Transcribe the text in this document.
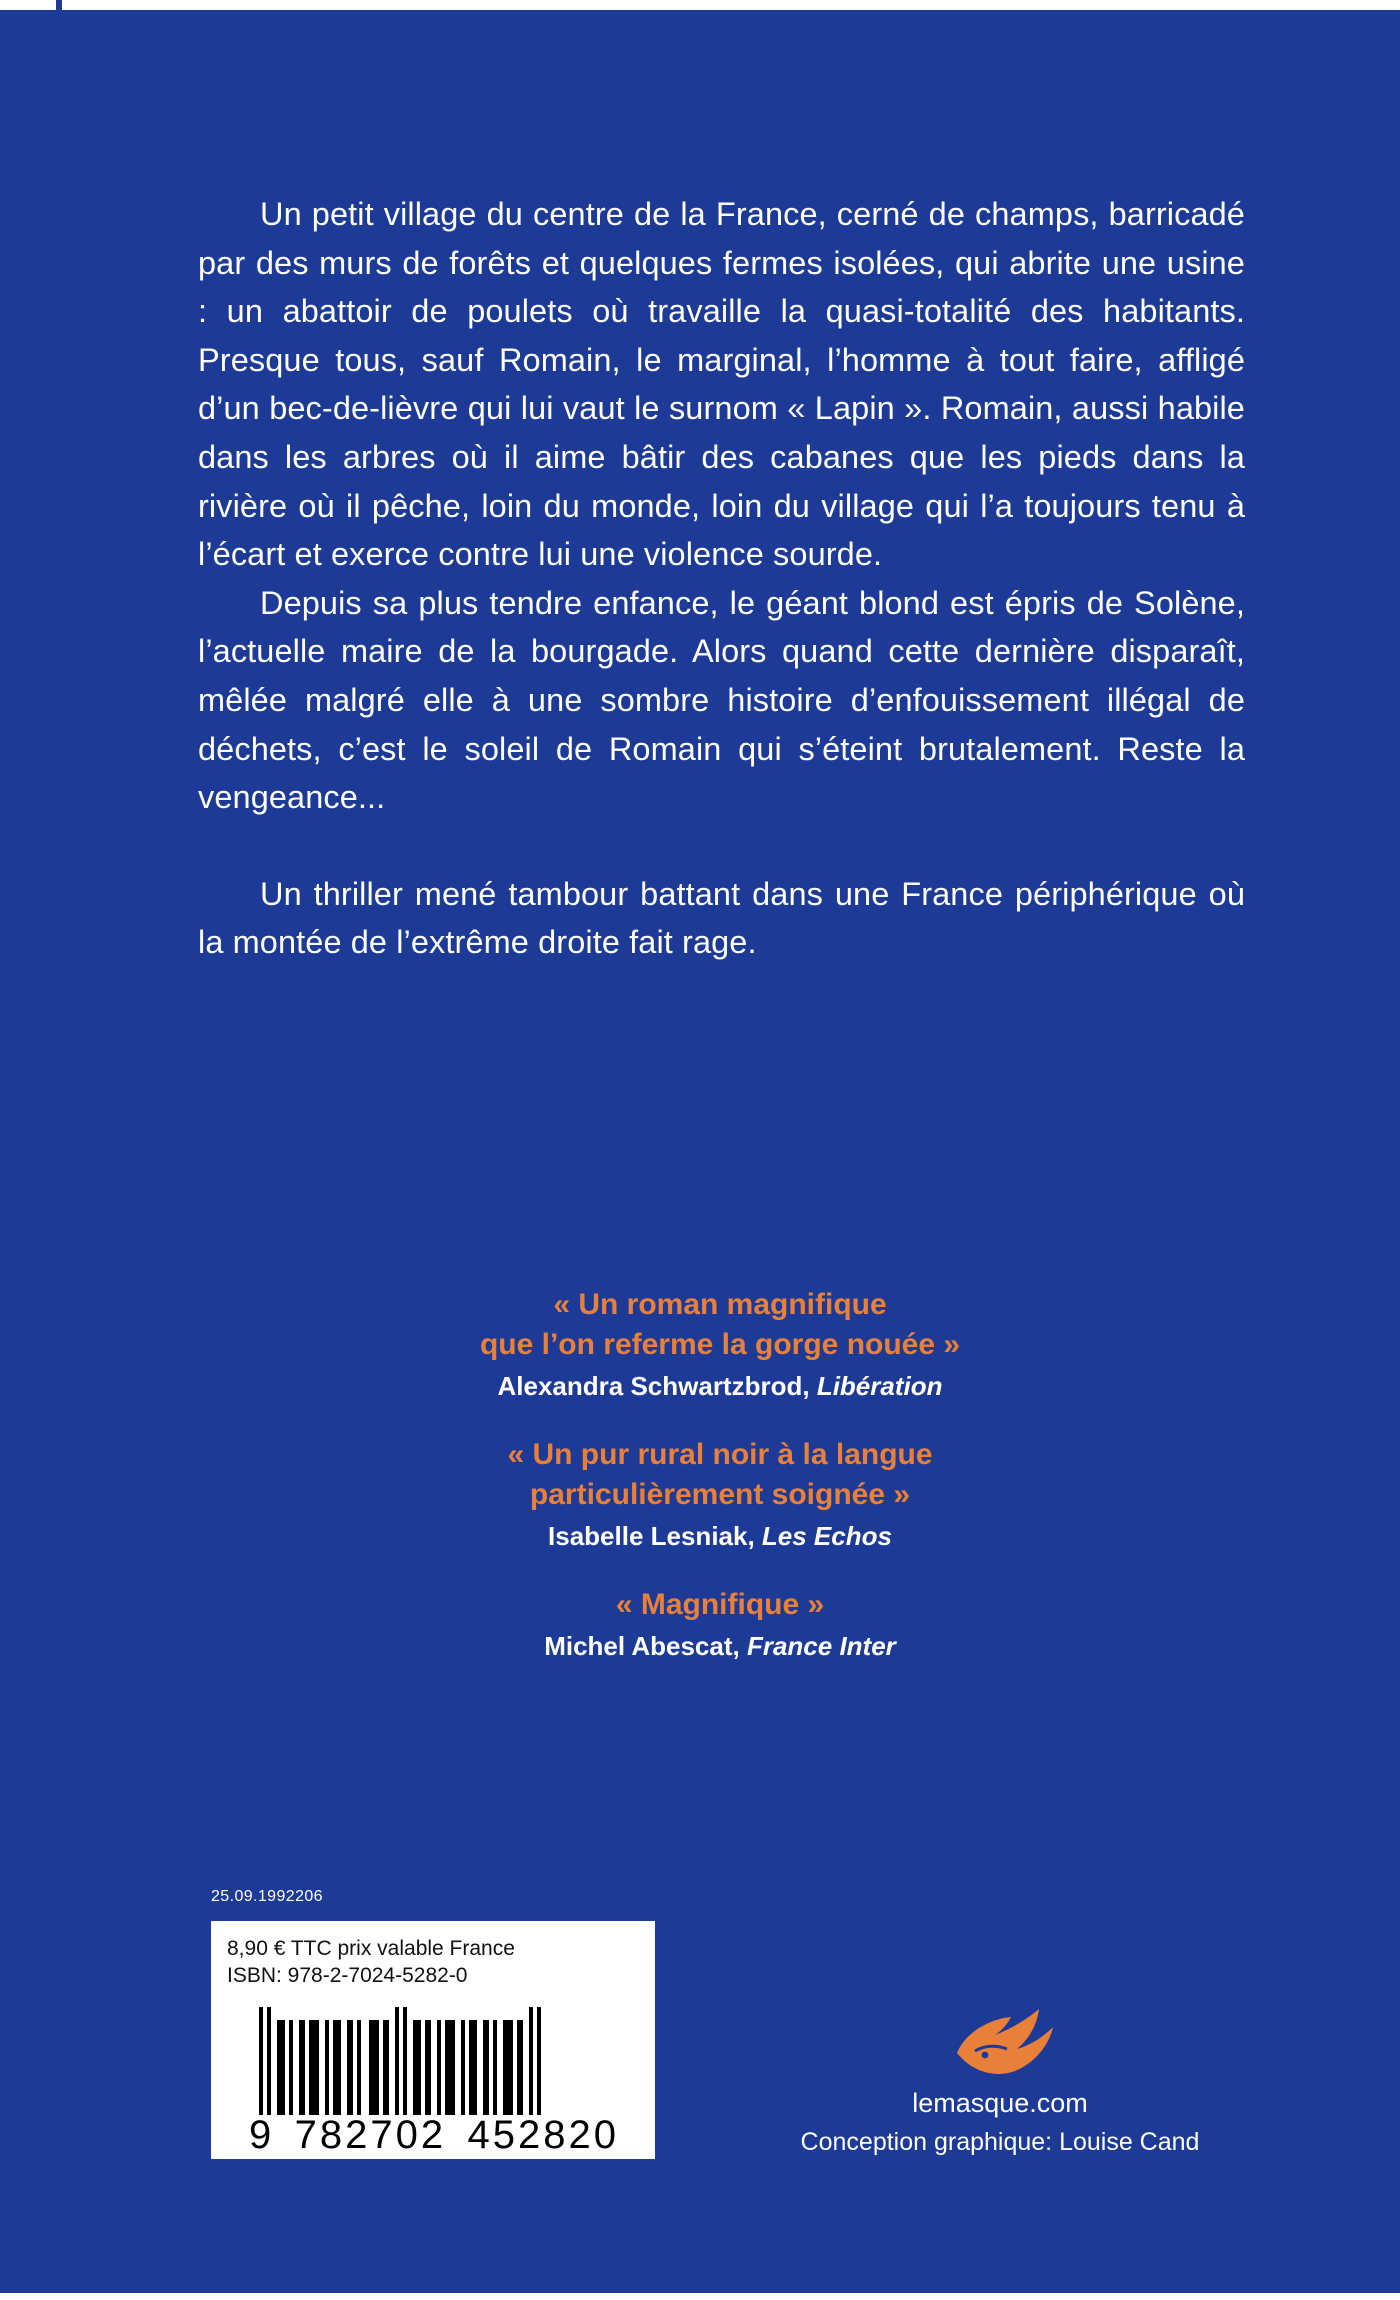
Un petit village du centre de la France, cerné de champs, barricadé par des murs de forêts et quelques fermes isolées, qui abrite une usine : un abattoir de poulets où travaille la quasi-totalité des habitants. Presque tous, sauf Romain, le marginal, l’homme à tout faire, affligé d’un bec-de-lièvre qui lui vaut le surnom « Lapin ». Romain, aussi habile dans les arbres où il aime bâtir des cabanes que les pieds dans la rivière où il pêche, loin du monde, loin du village qui l’a toujours tenu à l’écart et exerce contre lui une violence sourde.

Depuis sa plus tendre enfance, le géant blond est épris de Solène, l’actuelle maire de la bourgade. Alors quand cette dernière disparaît, mêlée malgré elle à une sombre histoire d’enfouissement illégal de déchets, c’est le soleil de Romain qui s’éteint brutalement. Reste la vengeance...

Un thriller mené tambour battant dans une France périphérique où la montée de l’extrême droite fait rage.

« Un roman magnifique
que l’on referme la gorge nouée »
Alexandra Schwartzbrod, Libération
« Un pur rural noir à la langue
particulièrement soignée »
Isabelle Lesniak, Les Echos
« Magnifique »
Michel Abescat, France Inter
25.09.1992206
8,90 € TTC prix valable France
ISBN: 978-2-7024-5282-0
9 782702 452820
lemasque.com
Conception graphique: Louise Cand
